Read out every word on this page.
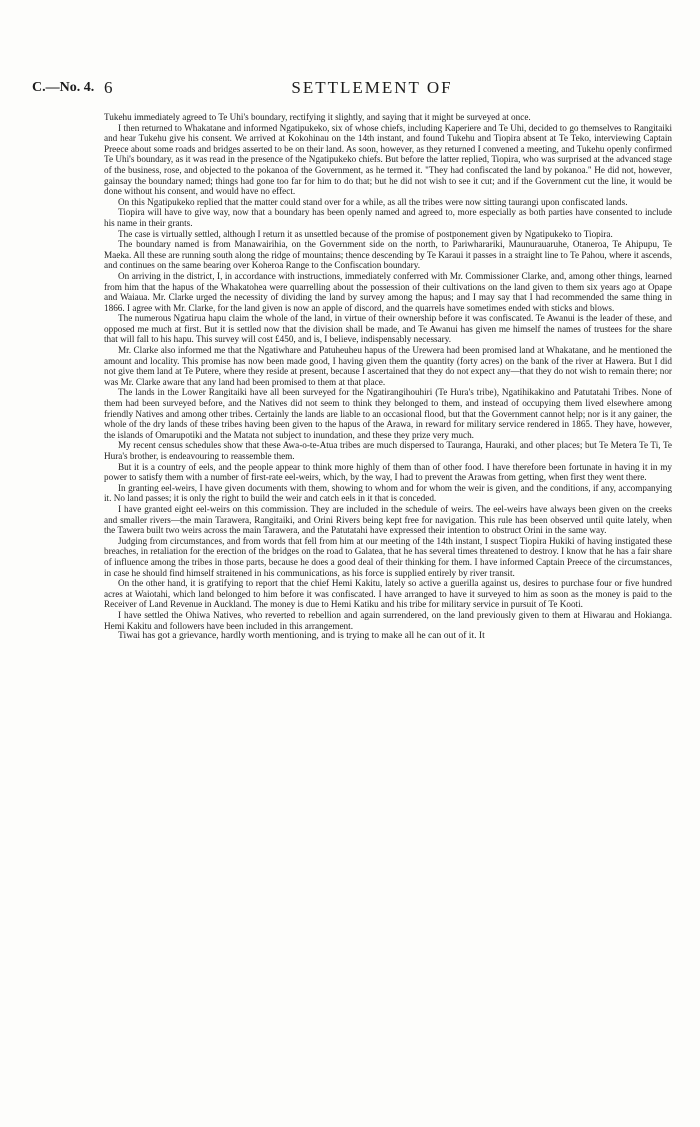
C.—No. 4. 6	SETTLEMENT OF

Tukehu immediately agreed to Te Uhi's boundary, rectifying it slightly, and saying that it might be surveyed at once.

I then returned to Whakatane and informed Ngatipukeko, six of whose chiefs, including Kaperiere and Te Uhi, decided to go themselves to Rangitaiki and hear Tukehu give his consent. We arrived at Kokohinau on the 14th instant, and found Tukehu and Tiopira absent at Te Teko, interviewing Captain Preece about some roads and bridges asserted to be on their land. As soon, however, as they returned I convened a meeting, and Tukehu openly confirmed Te Uhi's boundary, as it was read in the presence of the Ngatipukeko chiefs. But before the latter replied, Tiopira, who was surprised at the advanced stage of the business, rose, and objected to the pokanoa of the Government, as he termed it. "They had confiscated the land by pokanoa." He did not, however, gainsay the boundary named; things had gone too far for him to do that; but he did not wish to see it cut; and if the Government cut the line, it would be done without his consent, and would have no effect.

On this Ngatipukeko replied that the matter could stand over for a while, as all the tribes were now sitting taurangi upon confiscated lands.

Tiopira will have to give way, now that a boundary has been openly named and agreed to, more especially as both parties have consented to include his name in their grants.

The case is virtually settled, although I return it as unsettled because of the promise of postponement given by Ngatipukeko to Tiopira.

The boundary named is from Manawairihia, on the Government side on the north, to Pariwharariki, Maunurauaruhe, Otaneroa, Te Ahipupu, Te Maeka. All these are running south along the ridge of mountains; thence descending by Te Karaui it passes in a straight line to Te Pahou, where it ascends, and continues on the same bearing over Koheroa Range to the Confiscation boundary.

On arriving in the district, I, in accordance with instructions, immediately conferred with Mr. Commissioner Clarke, and, among other things, learned from him that the hapus of the Whakatohea were quarrelling about the possession of their cultivations on the land given to them six years ago at Opape and Waiaua. Mr. Clarke urged the necessity of dividing the land by survey among the hapus; and I may say that I had recommended the same thing in 1866. I agree with Mr. Clarke, for the land given is now an apple of discord, and the quarrels have sometimes ended with sticks and blows.

The numerous Ngatirua hapu claim the whole of the land, in virtue of their ownership before it was confiscated. Te Awanui is the leader of these, and opposed me much at first. But it is settled now that the division shall be made, and Te Awanui has given me himself the names of trustees for the share that will fall to his hapu. This survey will cost £450, and is, I believe, indispensably necessary.

Mr. Clarke also informed me that the Ngatiwhare and Patuheuheu hapus of the Urewera had been promised land at Whakatane, and he mentioned the amount and locality. This promise has now been made good, I having given them the quantity (forty acres) on the bank of the river at Hawera. But I did not give them land at Te Putere, where they reside at present, because I ascertained that they do not expect any—that they do not wish to remain there; nor was Mr. Clarke aware that any land had been promised to them at that place.

The lands in the Lower Rangitaiki have all been surveyed for the Ngatirangihouhiri (Te Hura's tribe), Ngatihikakino and Patutatahi Tribes. None of them had been surveyed before, and the Natives did not seem to think they belonged to them, and instead of occupying them lived elsewhere among friendly Natives and among other tribes. Certainly the lands are liable to an occasional flood, but that the Government cannot help; nor is it any gainer, the whole of the dry lands of these tribes having been given to the hapus of the Arawa, in reward for military service rendered in 1865. They have, however, the islands of Omarupotiki and the Matata not subject to inundation, and these they prize very much.

My recent census schedules show that these Awa-o-te-Atua tribes are much dispersed to Tauranga, Hauraki, and other places; but Te Metera Te Ti, Te Hura's brother, is endeavouring to reassemble them.

But it is a country of eels, and the people appear to think more highly of them than of other food. I have therefore been fortunate in having it in my power to satisfy them with a number of first-rate eel-weirs, which, by the way, I had to prevent the Arawas from getting, when first they went there.

In granting eel-weirs, I have given documents with them, showing to whom and for whom the weir is given, and the conditions, if any, accompanying it. No land passes; it is only the right to build the weir and catch eels in it that is conceded.

I have granted eight eel-weirs on this commission. They are included in the schedule of weirs. The eel-weirs have always been given on the creeks and smaller rivers—the main Tarawera, Rangitaiki, and Orini Rivers being kept free for navigation. This rule has been observed until quite lately, when the Tawera built two weirs across the main Tarawera, and the Patutatahi have expressed their intention to obstruct Orini in the same way.

Judging from circumstances, and from words that fell from him at our meeting of the 14th instant, I suspect Tiopira Hukiki of having instigated these breaches, in retaliation for the erection of the bridges on the road to Galatea, that he has several times threatened to destroy. I know that he has a fair share of influence among the tribes in those parts, because he does a good deal of their thinking for them. I have informed Captain Preece of the circumstances, in case he should find himself straitened in his communications, as his force is supplied entirely by river transit.

On the other hand, it is gratifying to report that the chief Hemi Kakitu, lately so active a guerilla against us, desires to purchase four or five hundred acres at Waiotahi, which land belonged to him before it was confiscated. I have arranged to have it surveyed to him as soon as the money is paid to the Receiver of Land Revenue in Auckland. The money is due to Hemi Katiku and his tribe for military service in pursuit of Te Kooti.

I have settled the Ohiwa Natives, who reverted to rebellion and again surrendered, on the land previously given to them at Hiwarau and Hokianga. Hemi Kakitu and followers have been included in this arrangement.

Tiwai has got a grievance, hardly worth mentioning, and is trying to make all he can out of it. It
